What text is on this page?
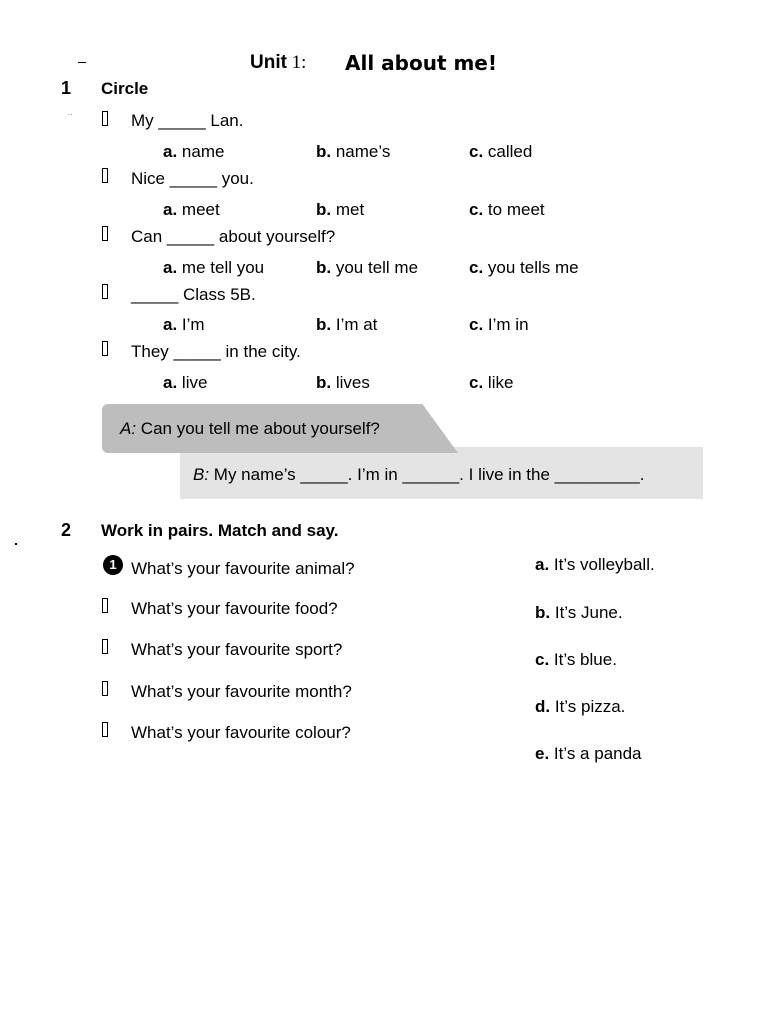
˙˙
Unit 1: All about me!
1 Circle
My _____ Lan.
a. name	b. name’s	c. called
Nice _____ you.
a. meet	b. met	c. to meet
Can _____ about yourself?
a. me tell you	b. you tell me	c. you tells me
_____ Class 5B.
a. I’m	b. I’m at	c. I’m in
They _____ in the city.
a. live	b. lives	c. like
A: Can you tell me about yourself?
B: My name’s _____. I’m in ______. I live in the _________.
2 Work in pairs. Match and say.
1 What’s your favourite animal?
What’s your favourite food?
What’s your favourite sport?
What’s your favourite month?
What’s your favourite colour?
a. It’s volleyball.
b. It’s June.
c. It’s blue.
d. It’s pizza.
e. It’s a panda
